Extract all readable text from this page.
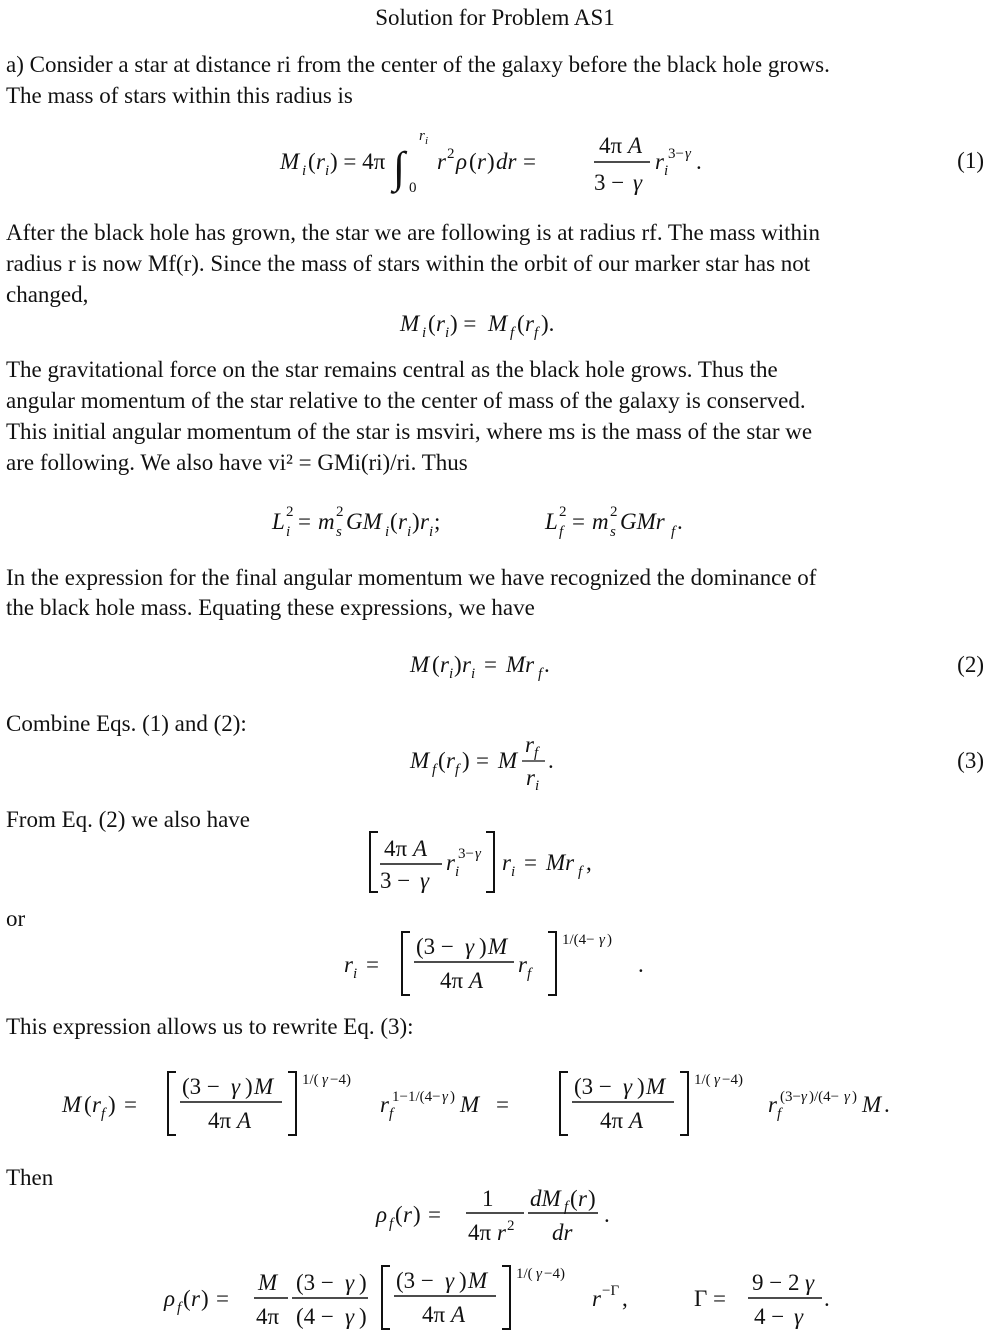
Solution for Problem AS1
a) Consider a star at distance ri from the center of the galaxy before the black hole grows.
The mass of stars within this radius is
After the black hole has grown, the star we are following is at radius rf. The mass within
radius r is now Mf(r). Since the mass of stars within the orbit of our marker star has not
changed,
The gravitational force on the star remains central as the black hole grows. Thus the
angular momentum of the star relative to the center of mass of the galaxy is conserved.
This initial angular momentum of the star is msviri, where ms is the mass of the star we
are following. We also have vi² = GMi(ri)/ri. Thus
In the expression for the final angular momentum we have recognized the dominance of
the black hole mass. Equating these expressions, we have
Combine Eqs. (1) and (2):
From Eq. (2) we also have
or
This expression allows us to rewrite Eq. (3):
Then
(1)
(2)
(3)
M i ( r i ) = 4π ∫
r i
0
r 2 ρ ( r ) dr =
4π A
3 − γ
r i
3− γ .
M i ( r i ) = M f ( r f ).
L 2
i = m 2
s GM i ( r i ) r i ;	L 2
f = m 2
s GMr f .
M ( r i ) r i = Mr f .
M f ( r f ) = M
r f
r i
.
4π A
3 − γ
r i
3− γ r i = Mr f ,
r i =
(3 − γ ) M
4π A
r f
1/(4− γ )
.
M ( r f ) =
(3 − γ ) M
4π A
1/( γ −4)
r f
1−1/(4− γ ) M =
(3 − γ ) M
4π A
1/( γ −4)
r f
(3− γ )/(4− γ ) M .
ρ f ( r ) =
1
4π r 2
dM f ( r )
dr
.
ρ f ( r ) =
M
4π
(3 − γ )
(4 − γ )
(3 − γ ) M
4π A
1/( γ −4)
r −Γ ,	Γ =
9 − 2 γ
4 − γ
.
